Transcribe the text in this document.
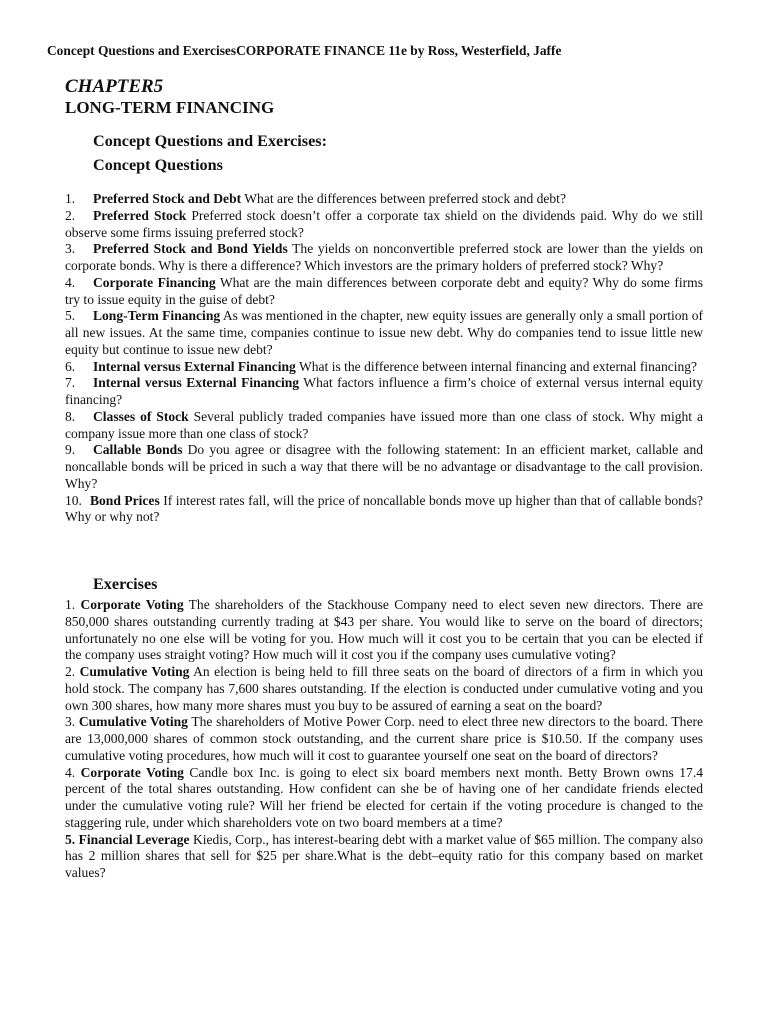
Concept Questions and ExercisesCORPORATE FINANCE 11e by Ross, Westerfield, Jaffe
CHAPTER5
LONG-TERM FINANCING
Concept Questions and Exercises:
Concept Questions
1. Preferred Stock and Debt What are the differences between preferred stock and debt?
2. Preferred Stock Preferred stock doesn’t offer a corporate tax shield on the dividends paid. Why do we still observe some firms issuing preferred stock?
3. Preferred Stock and Bond Yields The yields on nonconvertible preferred stock are lower than the yields on corporate bonds. Why is there a difference? Which investors are the primary holders of preferred stock? Why?
4. Corporate Financing What are the main differences between corporate debt and equity? Why do some firms try to issue equity in the guise of debt?
5. Long-Term Financing As was mentioned in the chapter, new equity issues are generally only a small portion of all new issues. At the same time, companies continue to issue new debt. Why do companies tend to issue little new equity but continue to issue new debt?
6. Internal versus External Financing What is the difference between internal financing and external financing?
7. Internal versus External Financing What factors influence a firm’s choice of external versus internal equity financing?
8. Classes of Stock Several publicly traded companies have issued more than one class of stock. Why might a company issue more than one class of stock?
9. Callable Bonds Do you agree or disagree with the following statement: In an efficient market, callable and noncallable bonds will be priced in such a way that there will be no advantage or disadvantage to the call provision. Why?
10. Bond Prices If interest rates fall, will the price of noncallable bonds move up higher than that of callable bonds? Why or why not?
Exercises
1. Corporate Voting The shareholders of the Stackhouse Company need to elect seven new directors. There are 850,000 shares outstanding currently trading at $43 per share. You would like to serve on the board of directors; unfortunately no one else will be voting for you. How much will it cost you to be certain that you can be elected if the company uses straight voting? How much will it cost you if the company uses cumulative voting?
2. Cumulative Voting An election is being held to fill three seats on the board of directors of a firm in which you hold stock. The company has 7,600 shares outstanding. If the election is conducted under cumulative voting and you own 300 shares, how many more shares must you buy to be assured of earning a seat on the board?
3. Cumulative Voting The shareholders of Motive Power Corp. need to elect three new directors to the board. There are 13,000,000 shares of common stock outstanding, and the current share price is $10.50. If the company uses cumulative voting procedures, how much will it cost to guarantee yourself one seat on the board of directors?
4. Corporate Voting Candle box Inc. is going to elect six board members next month. Betty Brown owns 17.4 percent of the total shares outstanding. How confident can she be of having one of her candidate friends elected under the cumulative voting rule? Will her friend be elected for certain if the voting procedure is changed to the staggering rule, under which shareholders vote on two board members at a time?
5. Financial Leverage Kiedis, Corp., has interest-bearing debt with a market value of $65 million. The company also has 2 million shares that sell for $25 per share.What is the debt–equity ratio for this company based on market values?
